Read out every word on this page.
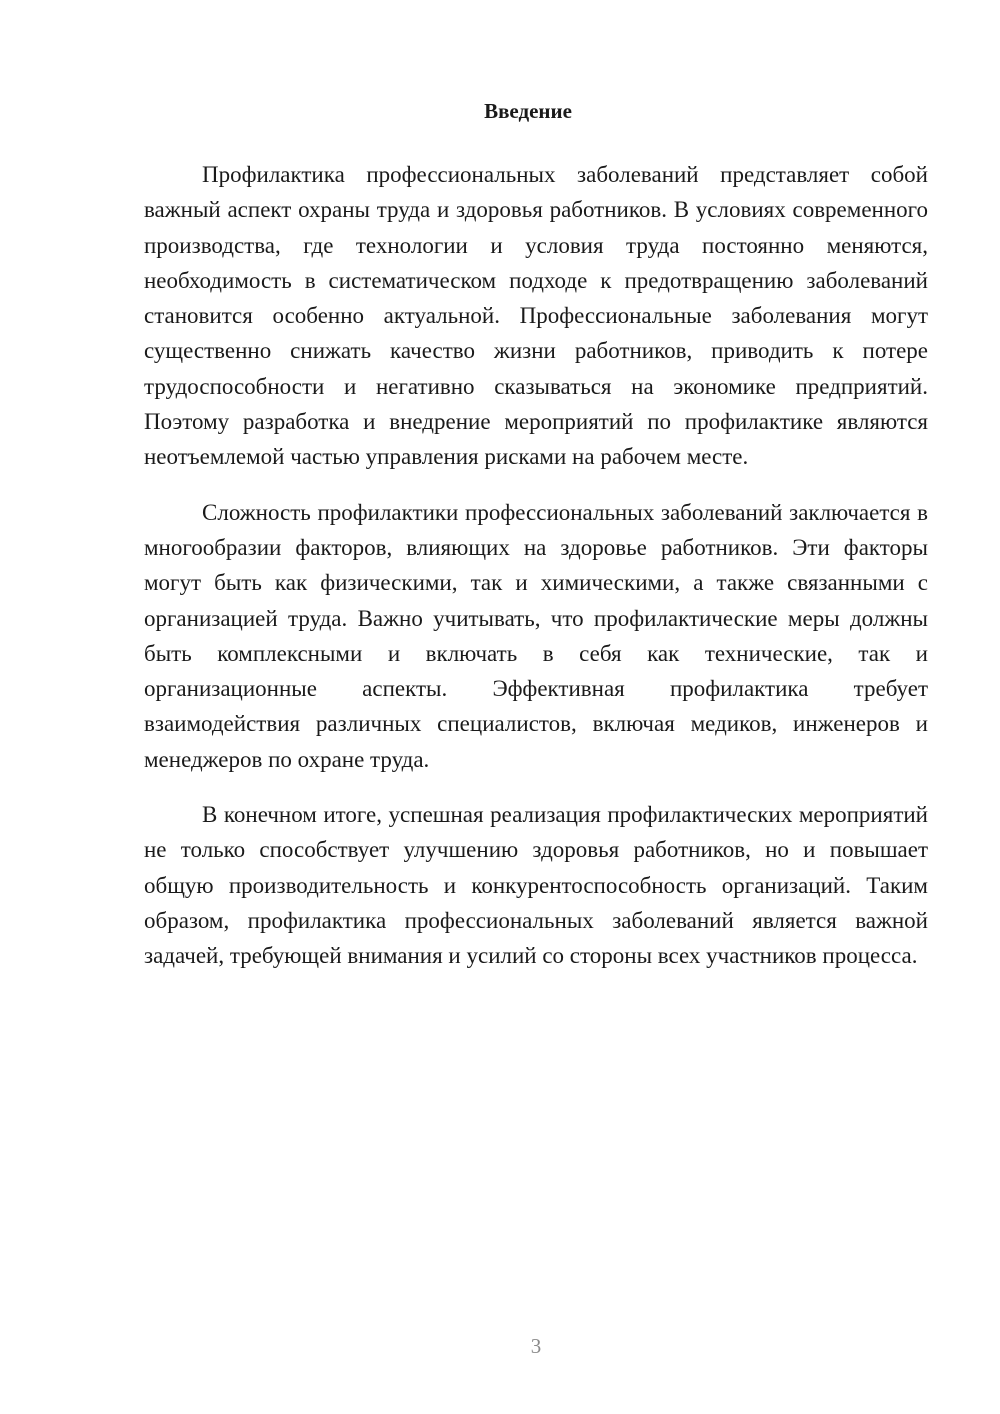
Введение

Профилактика профессиональных заболеваний представляет собой важный аспект охраны труда и здоровья работников. В условиях современного производства, где технологии и условия труда постоянно меняются, необходимость в систематическом подходе к предотвращению заболеваний становится особенно актуальной. Профессиональные заболевания могут существенно снижать качество жизни работников, приводить к потере трудоспособности и негативно сказываться на экономике предприятий. Поэтому разработка и внедрение мероприятий по профилактике являются неотъемлемой частью управления рисками на рабочем месте.

Сложность профилактики профессиональных заболеваний заключается в многообразии факторов, влияющих на здоровье работников. Эти факторы могут быть как физическими, так и химическими, а также связанными с организацией труда. Важно учитывать, что профилактические меры должны быть комплексными и включать в себя как технические, так и организационные аспекты. Эффективная профилактика требует взаимодействия различных специалистов, включая медиков, инженеров и менеджеров по охране труда.

В конечном итоге, успешная реализация профилактических мероприятий не только способствует улучшению здоровья работников, но и повышает общую производительность и конкурентоспособность организаций. Таким образом, профилактика профессиональных заболеваний является важной задачей, требующей внимания и усилий со стороны всех участников процесса.

3
